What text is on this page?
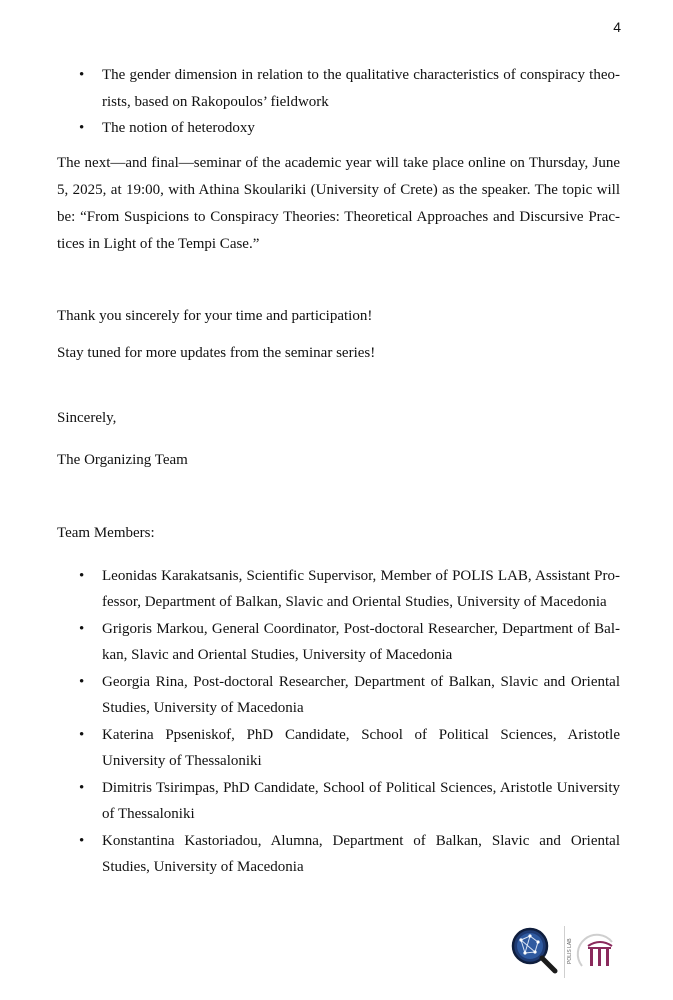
4
• The gender dimension in relation to the qualitative characteristics of conspiracy theo-rists, based on Rakopoulos’ fieldwork
• The notion of heterodoxy

The next—and final—seminar of the academic year will take place online on Thursday, June 5, 2025, at 19:00, with Athina Skoulariki (University of Crete) as the speaker. The topic will be: “From Suspicions to Conspiracy Theories: Theoretical Approaches and Discursive Prac-tices in Light of the Tempi Case.”

Thank you sincerely for your time and participation!

Stay tuned for more updates from the seminar series!

Sincerely,

The Organizing Team

Team Members:

• Leonidas Karakatsanis, Scientific Supervisor, Member of POLIS LAB, Assistant Pro-fessor, Department of Balkan, Slavic and Oriental Studies, University of Macedonia
• Grigoris Markou, General Coordinator, Post-doctoral Researcher, Department of Bal-kan, Slavic and Oriental Studies, University of Macedonia
• Georgia Rina, Post-doctoral Researcher, Department of Balkan, Slavic and Oriental Studies, University of Macedonia
• Katerina Ppseniskof, PhD Candidate, School of Political Sciences, Aristotle University of Thessaloniki
• Dimitris Tsirimpas, PhD Candidate, School of Political Sciences, Aristotle University of Thessaloniki
• Konstantina Kastoriadou, Alumna, Department of Balkan, Slavic and Oriental Studies, University of Macedonia
POLIS LAB
